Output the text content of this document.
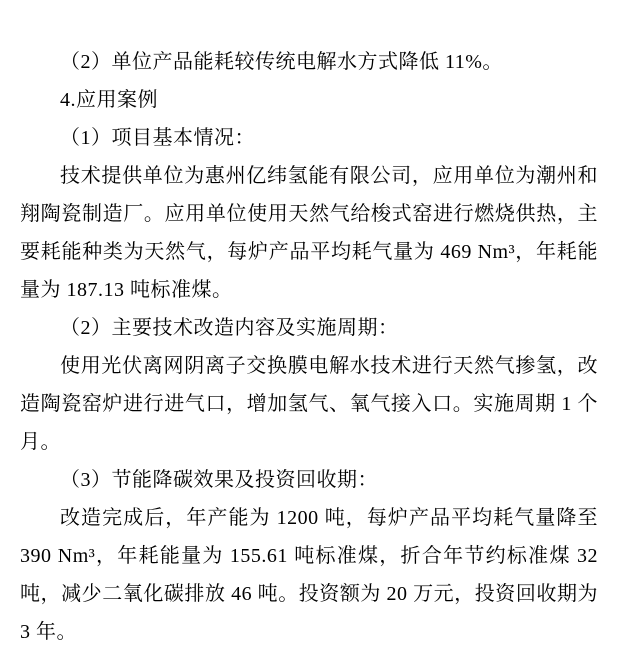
（2）单位产品能耗较传统电解水方式降低 11%。

4.应用案例

（1）项目基本情况：

技术提供单位为惠州亿纬氢能有限公司，应用单位为潮州和翔陶瓷制造厂。应用单位使用天然气给梭式窑进行燃烧供热，主要耗能种类为天然气，每炉产品平均耗气量为 469 Nm³，年耗能量为 187.13 吨标准煤。

（2）主要技术改造内容及实施周期：

使用光伏离网阴离子交换膜电解水技术进行天然气掺氢，改造陶瓷窑炉进行进气口，增加氢气、氧气接入口。实施周期 1 个月。

（3）节能降碳效果及投资回收期：

改造完成后，年产能为 1200 吨，每炉产品平均耗气量降至 390 Nm³，年耗能量为 155.61 吨标准煤，折合年节约标准煤 32 吨，减少二氧化碳排放 46 吨。投资额为 20 万元，投资回收期为 3 年。
